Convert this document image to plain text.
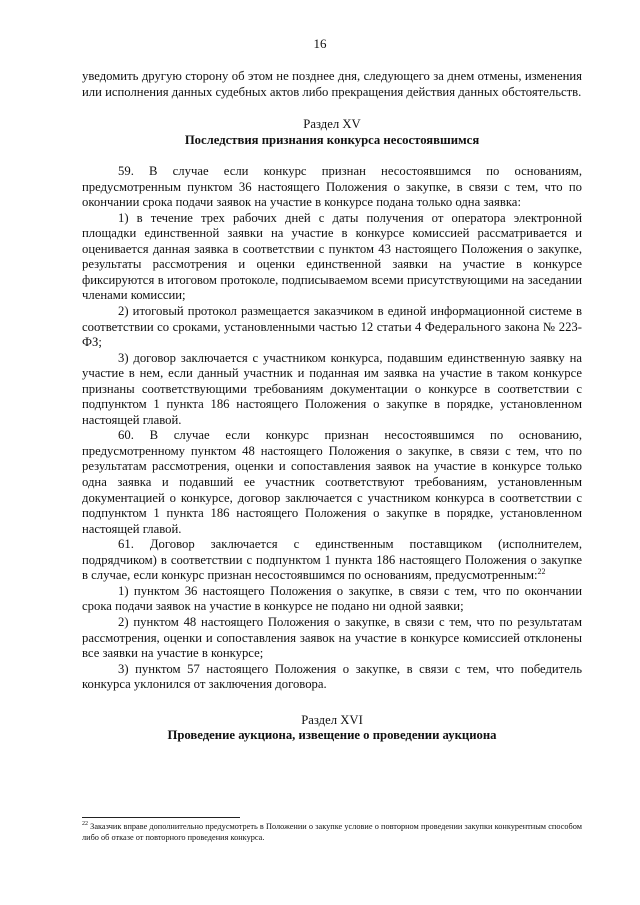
16

уведомить другую сторону об этом не позднее дня, следующего за днем отмены, изменения или исполнения данных судебных актов либо прекращения действия данных обстоятельств.

Раздел XV

Последствия признания конкурса несостоявшимся

59. В случае если конкурс признан несостоявшимся по основаниям, предусмотренным пунктом 36 настоящего Положения о закупке, в связи с тем, что по окончании срока подачи заявок на участие в конкурсе подана только одна заявка:

1) в течение трех рабочих дней с даты получения от оператора электронной площадки единственной заявки на участие в конкурсе комиссией рассматривается и оценивается данная заявка в соответствии с пунктом 43 настоящего Положения о закупке, результаты рассмотрения и оценки единственной заявки на участие в конкурсе фиксируются в итоговом протоколе, подписываемом всеми присутствующими на заседании членами комиссии;

2) итоговый протокол размещается заказчиком в единой информационной системе в соответствии со сроками, установленными частью 12 статьи 4 Федерального закона № 223-ФЗ;

3) договор заключается с участником конкурса, подавшим единственную заявку на участие в нем, если данный участник и поданная им заявка на участие в таком конкурсе признаны соответствующими требованиям документации о конкурсе в соответствии с подпунктом 1 пункта 186 настоящего Положения о закупке в порядке, установленном настоящей главой.

60. В случае если конкурс признан несостоявшимся по основанию, предусмотренному пунктом 48 настоящего Положения о закупке, в связи с тем, что по результатам рассмотрения, оценки и сопоставления заявок на участие в конкурсе только одна заявка и подавший ее участник соответствуют требованиям, установленным документацией о конкурсе, договор заключается с участником конкурса в соответствии с подпунктом 1 пункта 186 настоящего Положения о закупке в порядке, установленном настоящей главой.

61. Договор заключается с единственным поставщиком (исполнителем, подрядчиком) в соответствии с подпунктом 1 пункта 186 настоящего Положения о закупке в случае, если конкурс признан несостоявшимся по основаниям, предусмотренным:$^{22}$

1) пунктом 36 настоящего Положения о закупке, в связи с тем, что по окончании срока подачи заявок на участие в конкурсе не подано ни одной заявки;

2) пунктом 48 настоящего Положения о закупке, в связи с тем, что по результатам рассмотрения, оценки и сопоставления заявок на участие в конкурсе комиссией отклонены все заявки на участие в конкурсе;

3) пунктом 57 настоящего Положения о закупке, в связи с тем, что победитель конкурса уклонился от заключения договора.

Раздел XVI

Проведение аукциона, извещение о проведении аукциона

$^{22}$ Заказчик вправе дополнительно предусмотреть в Положении о закупке условие о повторном проведении закупки конкурентным способом либо об отказе от повторного проведения конкурса.
